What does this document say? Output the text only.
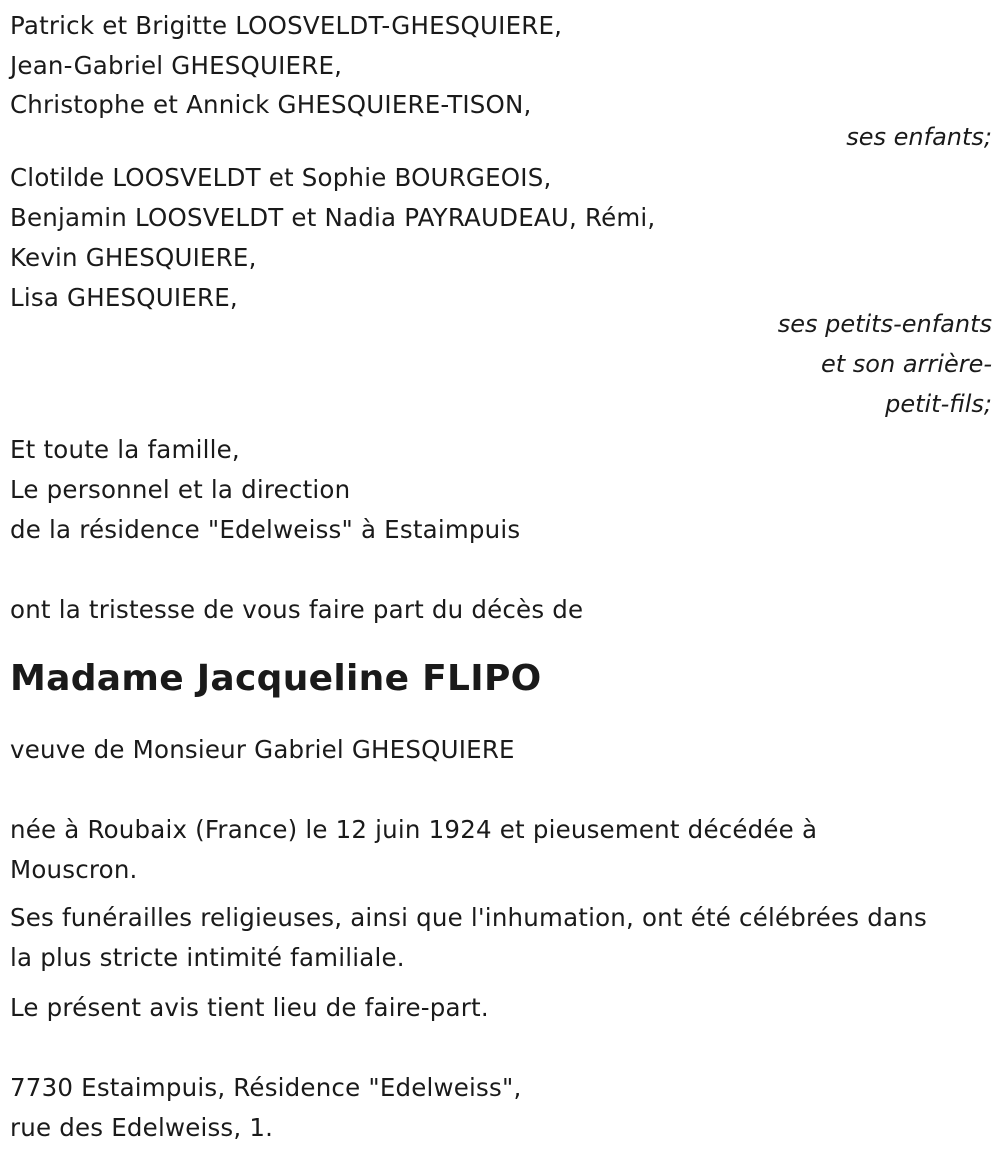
Patrick et Brigitte LOOSVELDT-GHESQUIERE,
Jean-Gabriel GHESQUIERE,
Christophe et Annick GHESQUIERE-TISON,
ses enfants;
Clotilde LOOSVELDT et Sophie BOURGEOIS,
Benjamin LOOSVELDT et Nadia PAYRAUDEAU, Rémi,
Kevin GHESQUIERE,
Lisa GHESQUIERE,
ses petits-enfants
et son arrière-
petit-fils;
Et toute la famille,
Le personnel et la direction
de la résidence "Edelweiss" à Estaimpuis
ont la tristesse de vous faire part du décès de
Madame Jacqueline FLIPO
veuve de Monsieur Gabriel GHESQUIERE
née à Roubaix (France) le 12 juin 1924 et pieusement décédée à
Mouscron.
Ses funérailles religieuses, ainsi que l'inhumation, ont été célébrées dans
la plus stricte intimité familiale.
Le présent avis tient lieu de faire-part.
7730 Estaimpuis, Résidence "Edelweiss",
rue des Edelweiss, 1.
